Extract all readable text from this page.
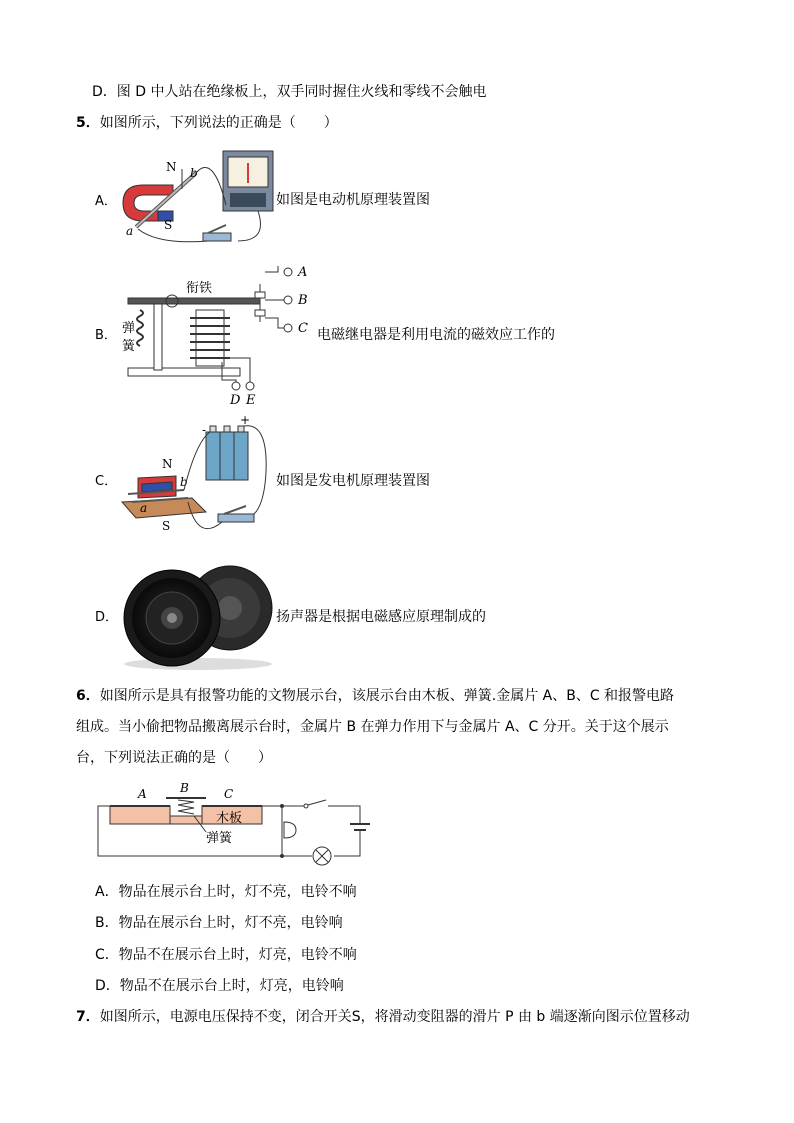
D．图 D 中人站在绝缘板上，双手同时握住火线和零线不会触电
5．如图所示，下列说法的正确是（　　）
A．
N
S
a
b
如图是电动机原理装置图
B． 弹
簧
衔铁
A
B
C
D E
电磁继电器是利用电流的磁效应工作的
C．
-
+
N
S
a
b	如图是发电机原理装置图
D．	扬声器是根据电磁感应原理制成的
6．如图所示是具有报警功能的文物展示台，该展示台由木板、弹簧.金属片 A、B、C 和报警电路
组成。当小偷把物品搬离展示台时，金属片 B 在弹力作用下与金属片 A、C 分开。关于这个展示
台，下列说法正确的是（　　）
A	B	C
木板
弹簧
A．物品在展示台上时，灯不亮，电铃不响
B．物品在展示台上时，灯不亮，电铃响
C．物品不在展示台上时，灯亮，电铃不响
D．物品不在展示台上时，灯亮，电铃响
7．如图所示，电源电压保持不变，闭合开关S，将滑动变阻器的滑片 P 由 b 端逐渐向图示位置移动
